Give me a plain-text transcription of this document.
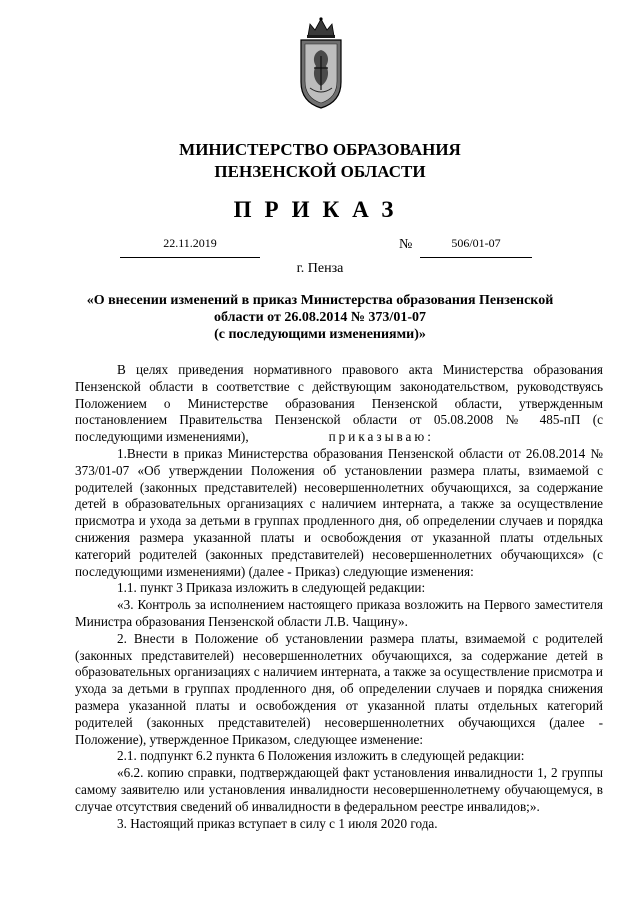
МИНИСТЕРСТВО ОБРАЗОВАНИЯ
ПЕНЗЕНСКОЙ ОБЛАСТИ
ПРИКАЗ
22.11.2019	№	506/01-07
г. Пенза
«О внесении изменений в приказ Министерства образования Пензенской
области от 26.08.2014 № 373/01-07
(с последующими изменениями)»

В целях приведения нормативного правового акта Министерства образования Пензенской области в соответствие с действующим законодательством, руководствуясь Положением о Министерстве образования Пензенской области, утвержденным постановлением Правительства Пензенской области от 05.08.2008 № 485-пП (с последующими изменениями),	приказываю:

1.Внести в приказ Министерства образования Пензенской области от 26.08.2014 № 373/01-07 «Об утверждении Положения об установлении размера платы, взимаемой с родителей (законных представителей) несовершеннолетних обучающихся, за содержание детей в образовательных организациях с наличием интерната, а также за осуществление присмотра и ухода за детьми в группах продленного дня, об определении случаев и порядка снижения размера указанной платы и освобождения от указанной платы отдельных категорий родителей (законных представителей) несовершеннолетних обучающихся» (с последующими изменениями) (далее - Приказ) следующие изменения:

1.1. пункт 3 Приказа изложить в следующей редакции:

«3. Контроль за исполнением настоящего приказа возложить на Первого заместителя Министра образования Пензенской области Л.В. Чащину».

2. Внести в Положение об установлении размера платы, взимаемой с родителей (законных представителей) несовершеннолетних обучающихся, за содержание детей в образовательных организациях с наличием интерната, а также за осуществление присмотра и ухода за детьми в группах продленного дня, об определении случаев и порядка снижения размера указанной платы и освобождения от указанной платы отдельных категорий родителей (законных представителей) несовершеннолетних обучающихся (далее - Положение), утвержденное Приказом, следующее изменение:

2.1. подпункт 6.2 пункта 6 Положения изложить в следующей редакции:

«6.2. копию справки, подтверждающей факт установления инвалидности 1, 2 группы самому заявителю или установления инвалидности несовершеннолетнему обучающемуся, в случае отсутствия сведений об инвалидности в федеральном реестре инвалидов;».

3. Настоящий приказ вступает в силу с 1 июля 2020 года.
